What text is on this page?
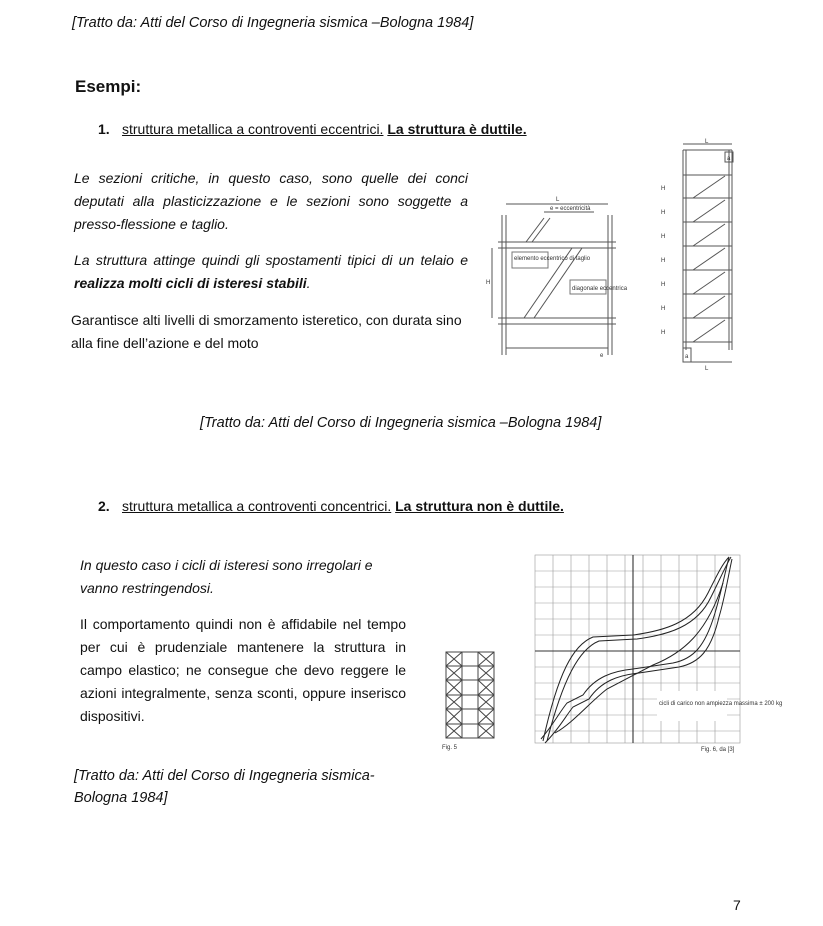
[Tratto da: Atti del Corso di Ingegneria sismica –Bologna 1984]
Esempi:
1. struttura metallica a controventi eccentrici. La struttura è duttile.
Le sezioni critiche, in questo caso, sono quelle dei conci deputati alla plasticizzazione e le sezioni sono soggette a presso-flessione e taglio.
La struttura attinge quindi gli spostamenti tipici di un telaio e realizza molti cicli di isteresi stabili.
Garantisce alti livelli di smorzamento isteretico, con durata sino alla fine dell’azione e del moto
e = eccentricità
elemento eccentrico di taglio
diagonale eccentrica
H
L
e
H
H
H
H
H
H
H
L
a
a
L
[Tratto da: Atti del Corso di Ingegneria sismica –Bologna 1984]
2. struttura metallica a controventi concentrici. La struttura non è duttile.
In questo caso i cicli di isteresi sono irregolari e vanno restringendosi.
Il comportamento quindi non è affidabile nel tempo per cui è prudenziale mantenere la struttura in campo elastico; ne consegue che devo reggere le azioni integralmente, senza sconti, oppure inserisco dispositivi.
Fig. 5
cicli di carico non ampiezza massima ± 200 kg
Fig. 6, da [3]
[Tratto da: Atti del Corso di Ingegneria sismica-Bologna 1984]
7
